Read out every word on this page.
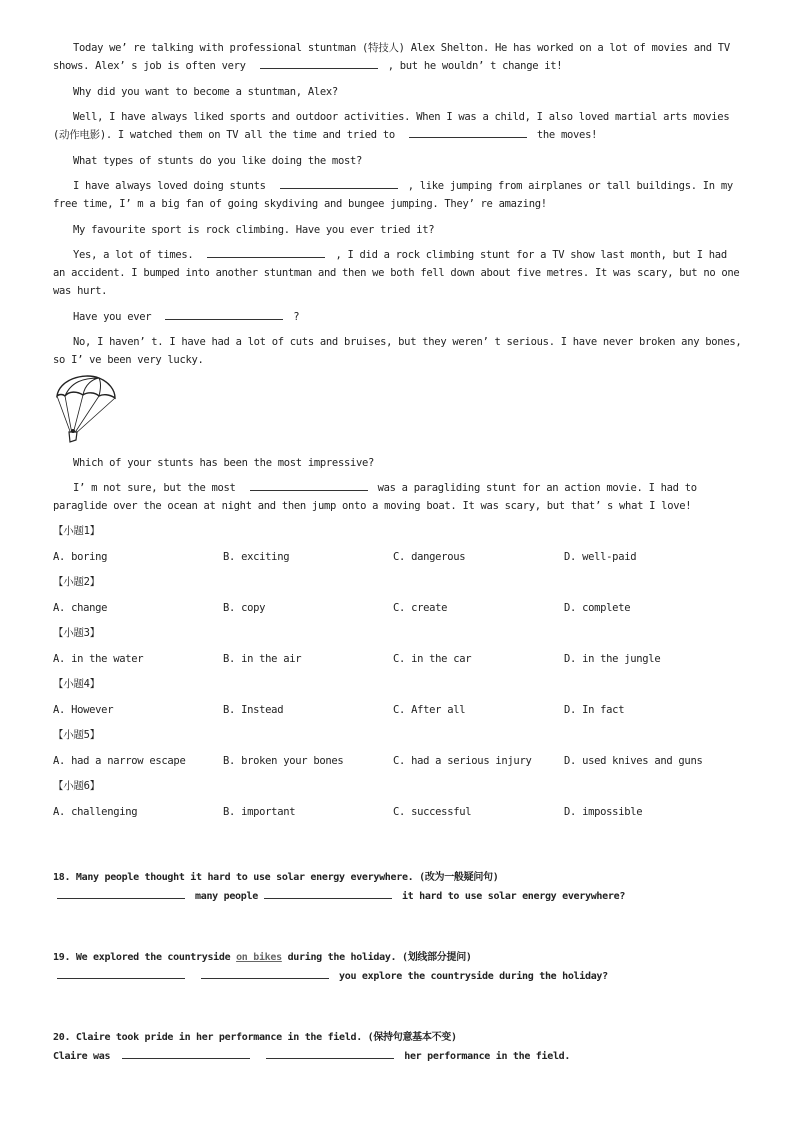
Today we’ re talking with professional stuntman (特技人) Alex Shelton. He has worked on a lot of movies and TV
shows. Alex’ s job is often very	, but he wouldn’ t change it!
Why did you want to become a stuntman, Alex?
Well, I have always liked sports and outdoor activities. When I was a child, I also loved martial arts movies
(动作电影). I watched them on TV all the time and tried to	the moves!
What types of stunts do you like doing the most?
I have always loved doing stunts	, like jumping from airplanes or tall buildings. In my
free time, I’ m a big fan of going skydiving and bungee jumping. They’ re amazing!
My favourite sport is rock climbing. Have you ever tried it?
Yes, a lot of times.	, I did a rock climbing stunt for a TV show last month, but I had
an accident. I bumped into another stuntman and then we both fell down about five metres. It was scary, but no one
was hurt.
Have you ever	?
No, I haven’ t. I have had a lot of cuts and bruises, but they weren’ t serious. I have never broken any bones,
so I’ ve been very lucky.
Which of your stunts has been the most impressive?
I’ m not sure, but the most	was a paragliding stunt for an action movie. I had to
paraglide over the ocean at night and then jump onto a moving boat. It was scary, but that’ s what I love!
【小题1】
A. boring	B. exciting	C. dangerous	D. well-paid
【小题2】
A. change	B. copy	C. create	D. complete
【小题3】
A. in the water	B. in the air	C. in the car	D. in the jungle
【小题4】
A. However	B. Instead	C. After all	D. In fact
【小题5】
A. had a narrow escape	B. broken your bones	C. had a serious injury	D. used knives and guns
【小题6】
A. challenging	B. important	C. successful	D. impossible
18. Many people thought it hard to use solar energy everywhere. (改为一般疑问句)
many people	it hard to use solar energy everywhere?
19. We explored the countryside on bikes during the holiday. (划线部分提问)
you explore the countryside during the holiday?
20. Claire took pride in her performance in the field. (保持句意基本不变)
Claire was	her performance in the field.
